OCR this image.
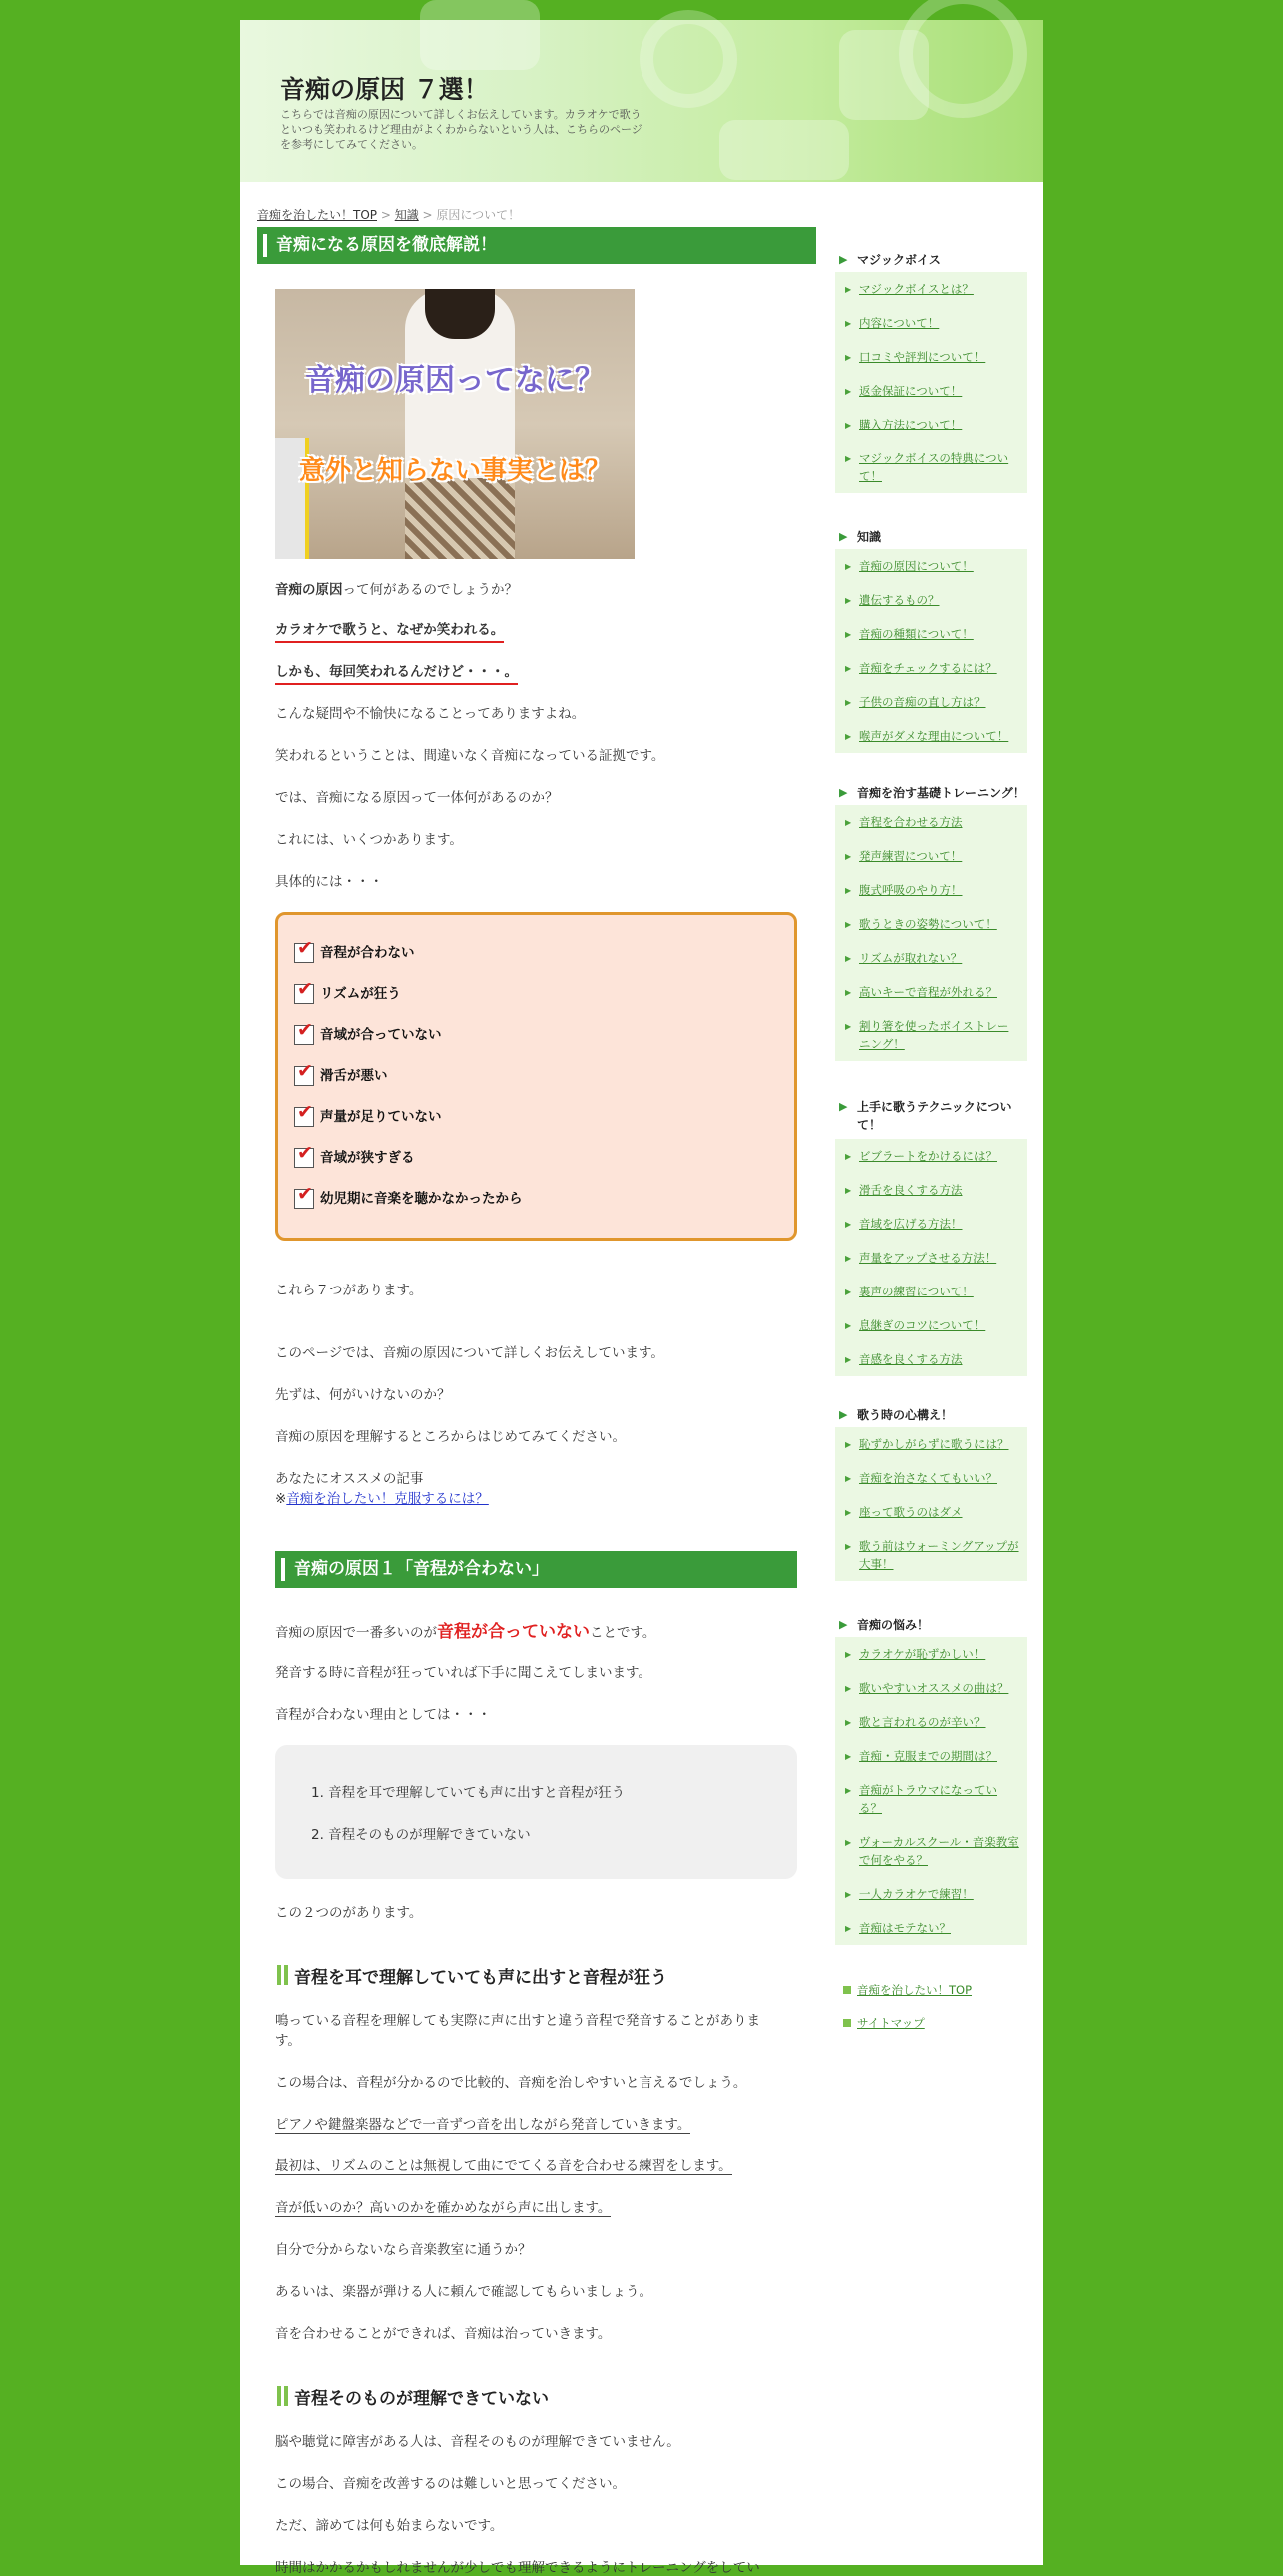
音痴の原因 ７選！
こちらでは音痴の原因について詳しくお伝えしています。カラオケで歌うといつも笑われるけど理由がよくわからないという人は、こちらのページを参考にしてみてください。
音痴を治したい！TOP > 知識 > 原因について！
音痴になる原因を徹底解説！
音痴の原因ってなに？
意外と知らない事実とは？

音痴の原因って何があるのでしょうか？

カラオケで歌うと、なぜか笑われる。

しかも、毎回笑われるんだけど・・・。

こんな疑問や不愉快になることってありますよね。

笑われるということは、間違いなく音痴になっている証拠です。

では、音痴になる原因って一体何があるのか？

これには、いくつかあります。

具体的には・・・

✔音程が合わない
✔リズムが狂う
✔音域が合っていない
✔滑舌が悪い
✔声量が足りていない
✔音域が狭すぎる
✔幼児期に音楽を聴かなかったから

これら７つがあります。

このページでは、音痴の原因について詳しくお伝えしています。

先ずは、何がいけないのか？

音痴の原因を理解するところからはじめてみてください。

あなたにオススメの記事

※音痴を治したい！克服するには？

音痴の原因１「音程が合わない」

音痴の原因で一番多いのが音程が合っていないことです。

発音する時に音程が狂っていれば下手に聞こえてしまいます。

音程が合わない理由としては・・・

1. 音程を耳で理解していても声に出すと音程が狂う

2. 音程そのものが理解できていない

この２つのがあります。

音程を耳で理解していても声に出すと音程が狂う

鳴っている音程を理解しても実際に声に出すと違う音程で発音することがありま

す。

この場合は、音程が分かるので比較的、音痴を治しやすいと言えるでしょう。

ピアノや鍵盤楽器などで一音ずつ音を出しながら発音していきます。

最初は、リズムのことは無視して曲にでてくる音を合わせる練習をします。

音が低いのか？高いのかを確かめながら声に出します。

自分で分からないなら音楽教室に通うか？

あるいは、楽器が弾ける人に頼んで確認してもらいましょう。

音を合わせることができれば、音痴は治っていきます。

音程そのものが理解できていない

脳や聴覚に障害がある人は、音程そのものが理解できていません。

この場合、音痴を改善するのは難しいと思ってください。

ただ、諦めては何も始まらないです。

時間はかかるかもしれませんが少しでも理解できるようにトレーニングをしてい

▶ マジックボイス
▶ マジックボイスとは？
▶ 内容について！
▶ 口コミや評判について！
▶ 返金保証について！
▶ 購入方法について！
▶ マジックボイスの特典について！
▶ 知識
▶ 音痴の原因について！
▶ 遺伝するもの？
▶ 音痴の種類について！
▶ 音痴をチェックするには？
▶ 子供の音痴の直し方は？
▶ 喉声がダメな理由について！
▶ 音痴を治す基礎トレーニング！
▶ 音程を合わせる方法
▶ 発声練習について！
▶ 腹式呼吸のやり方！
▶ 歌うときの姿勢について！
▶ リズムが取れない？
▶ 高いキーで音程が外れる？
▶ 割り箸を使ったボイストレーニング！
▶ 上手に歌うテクニックについて！
▶ ビブラートをかけるには？
▶ 滑舌を良くする方法
▶ 音域を広げる方法！
▶ 声量をアップさせる方法！
▶ 裏声の練習について！
▶ 息継ぎのコツについて！
▶ 音感を良くする方法
▶ 歌う時の心構え！
▶ 恥ずかしがらずに歌うには？
▶ 音痴を治さなくてもいい？
▶ 座って歌うのはダメ
▶ 歌う前はウォーミングアップが大事！
▶ 音痴の悩み！
▶ カラオケが恥ずかしい！
▶ 歌いやすいオススメの曲は？
▶ 歌と言われるのが辛い？
▶ 音痴・克服までの期間は？
▶ 音痴がトラウマになっている？
▶ ヴォーカルスクール・音楽教室で何をやる？
▶ 一人カラオケで練習！
▶ 音痴はモテない？
音痴を治したい！TOP
サイトマップ
